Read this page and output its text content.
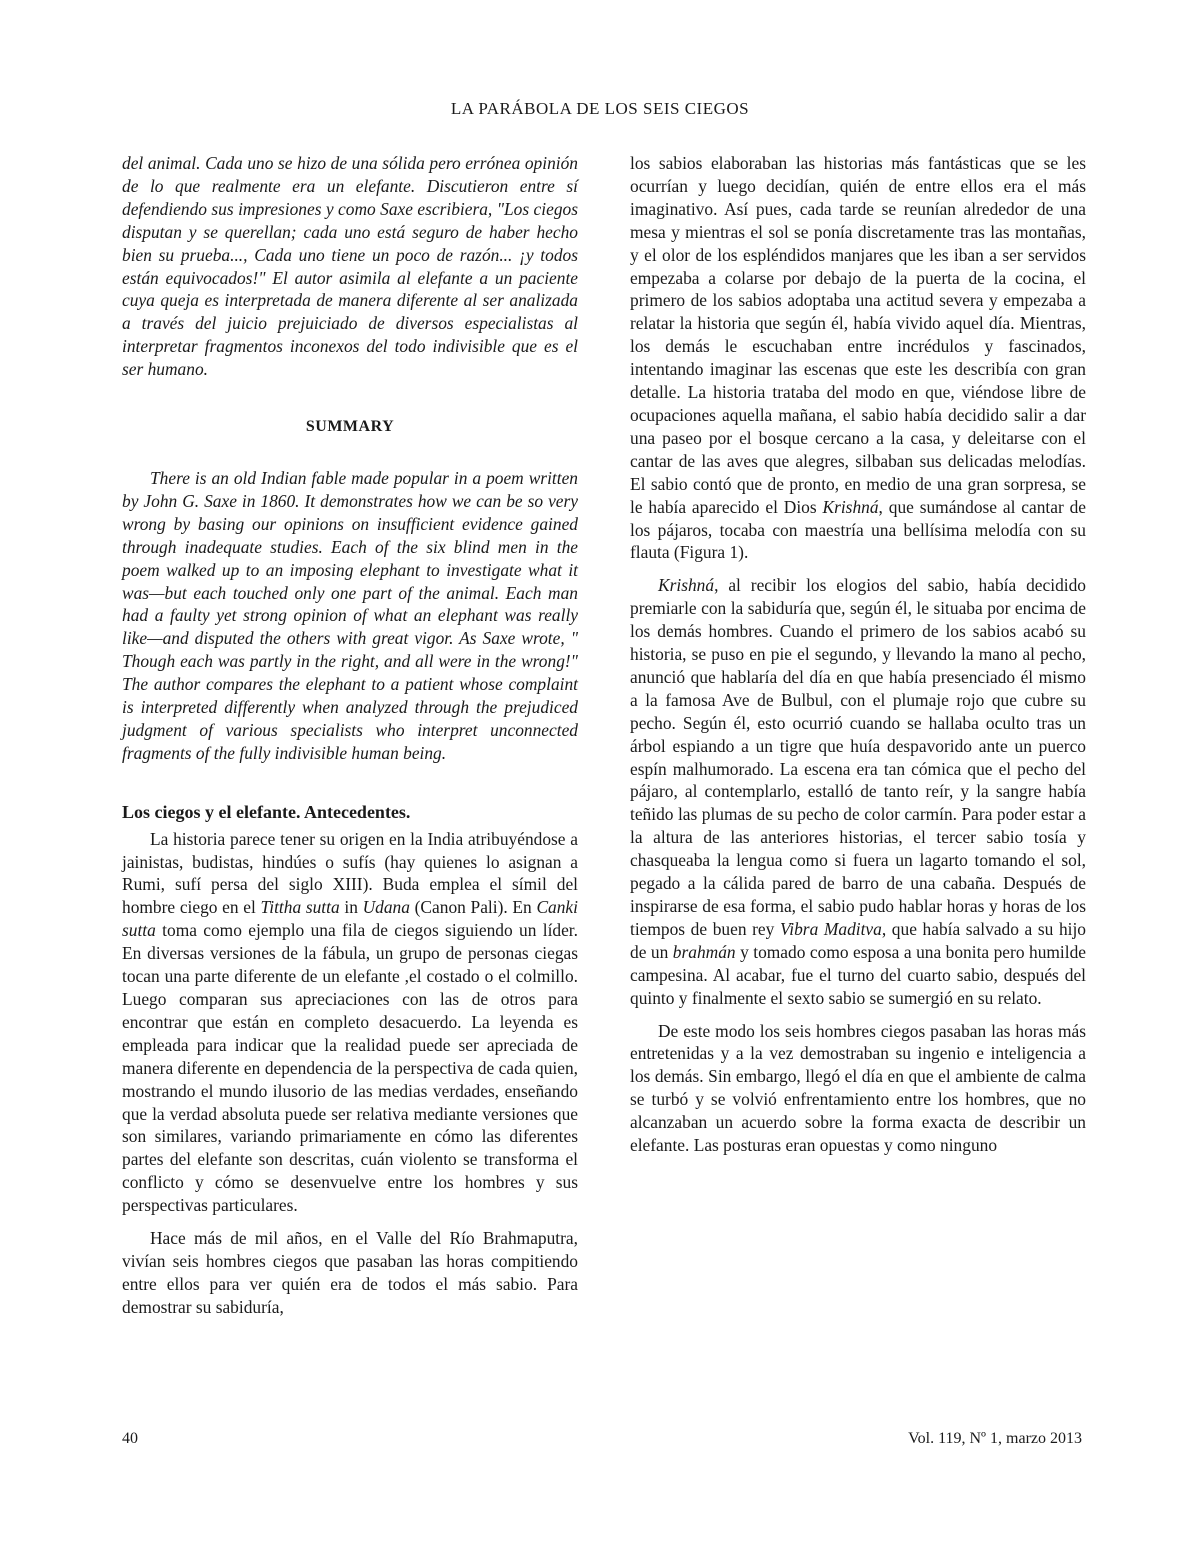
LA PARÁBOLA DE LOS SEIS CIEGOS

del animal. Cada uno se hizo de una sólida pero errónea opinión de lo que realmente era un elefante. Discutieron entre sí defendiendo sus impresiones y como Saxe escribiera, "Los ciegos disputan y se querellan; cada uno está seguro de haber hecho bien su prueba..., Cada uno tiene un poco de razón... ¡y todos están equivocados!" El autor asimila al elefante a un paciente cuya queja es interpretada de manera diferente al ser analizada a través del juicio prejuiciado de diversos especialistas al interpretar fragmentos inconexos del todo indivisible que es el ser humano.

SUMMARY

There is an old Indian fable made popular in a poem written by John G. Saxe in 1860. It demonstrates how we can be so very wrong by basing our opinions on insufficient evidence gained through inadequate studies. Each of the six blind men in the poem walked up to an imposing elephant to investigate what it was—but each touched only one part of the animal. Each man had a faulty yet strong opinion of what an elephant was really like—and disputed the others with great vigor. As Saxe wrote, " Though each was partly in the right, and all were in the wrong!" The author compares the elephant to a patient whose complaint is interpreted differently when analyzed through the prejudiced judgment of various specialists who interpret unconnected fragments of the fully indivisible human being.

Los ciegos y el elefante. Antecedentes.

La historia parece tener su origen en la India atribuyéndose a jainistas, budistas, hindúes o sufís (hay quienes lo asignan a Rumi, sufí persa del siglo XIII). Buda emplea el símil del hombre ciego en el Tittha sutta in Udana (Canon Pali). En Canki sutta toma como ejemplo una fila de ciegos siguiendo un líder. En diversas versiones de la fábula, un grupo de personas ciegas tocan una parte diferente de un elefante ,el costado o el colmillo. Luego comparan sus apreciaciones con las de otros para encontrar que están en completo desacuerdo. La leyenda es empleada para indicar que la realidad puede ser apreciada de manera diferente en dependencia de la perspectiva de cada quien, mostrando el mundo ilusorio de las medias verdades, enseñando que la verdad absoluta puede ser relativa mediante versiones que son similares, variando primariamente en cómo las diferentes partes del elefante son descritas, cuán violento se transforma el conflicto y cómo se desenvuelve entre los hombres y sus perspectivas particulares.

Hace más de mil años, en el Valle del Río Brahmaputra, vivían seis hombres ciegos que pasaban las horas compitiendo entre ellos para ver quién era de todos el más sabio. Para demostrar su sabiduría,

los sabios elaboraban las historias más fantásticas que se les ocurrían y luego decidían, quién de entre ellos era el más imaginativo. Así pues, cada tarde se reunían alrededor de una mesa y mientras el sol se ponía discretamente tras las montañas, y el olor de los espléndidos manjares que les iban a ser servidos empezaba a colarse por debajo de la puerta de la cocina, el primero de los sabios adoptaba una actitud severa y empezaba a relatar la historia que según él, había vivido aquel día. Mientras, los demás le escuchaban entre incrédulos y fascinados, intentando imaginar las escenas que este les describía con gran detalle. La historia trataba del modo en que, viéndose libre de ocupaciones aquella mañana, el sabio había decidido salir a dar una paseo por el bosque cercano a la casa, y deleitarse con el cantar de las aves que alegres, silbaban sus delicadas melodías. El sabio contó que de pronto, en medio de una gran sorpresa, se le había aparecido el Dios Krishná, que sumándose al cantar de los pájaros, tocaba con maestría una bellísima melodía con su flauta (Figura 1).

Krishná, al recibir los elogios del sabio, había decidido premiarle con la sabiduría que, según él, le situaba por encima de los demás hombres. Cuando el primero de los sabios acabó su historia, se puso en pie el segundo, y llevando la mano al pecho, anunció que hablaría del día en que había presenciado él mismo a la famosa Ave de Bulbul, con el plumaje rojo que cubre su pecho. Según él, esto ocurrió cuando se hallaba oculto tras un árbol espiando a un tigre que huía despavorido ante un puerco espín malhumorado. La escena era tan cómica que el pecho del pájaro, al contemplarlo, estalló de tanto reír, y la sangre había teñido las plumas de su pecho de color carmín. Para poder estar a la altura de las anteriores historias, el tercer sabio tosía y chasqueaba la lengua como si fuera un lagarto tomando el sol, pegado a la cálida pared de barro de una cabaña. Después de inspirarse de esa forma, el sabio pudo hablar horas y horas de los tiempos de buen rey Vibra Maditva, que había salvado a su hijo de un brahmán y tomado como esposa a una bonita pero humilde campesina. Al acabar, fue el turno del cuarto sabio, después del quinto y finalmente el sexto sabio se sumergió en su relato.

De este modo los seis hombres ciegos pasaban las horas más entretenidas y a la vez demostraban su ingenio e inteligencia a los demás. Sin embargo, llegó el día en que el ambiente de calma se turbó y se volvió enfrentamiento entre los hombres, que no alcanzaban un acuerdo sobre la forma exacta de describir un elefante. Las posturas eran opuestas y como ninguno

40	Vol. 119, Nº 1, marzo 2013
